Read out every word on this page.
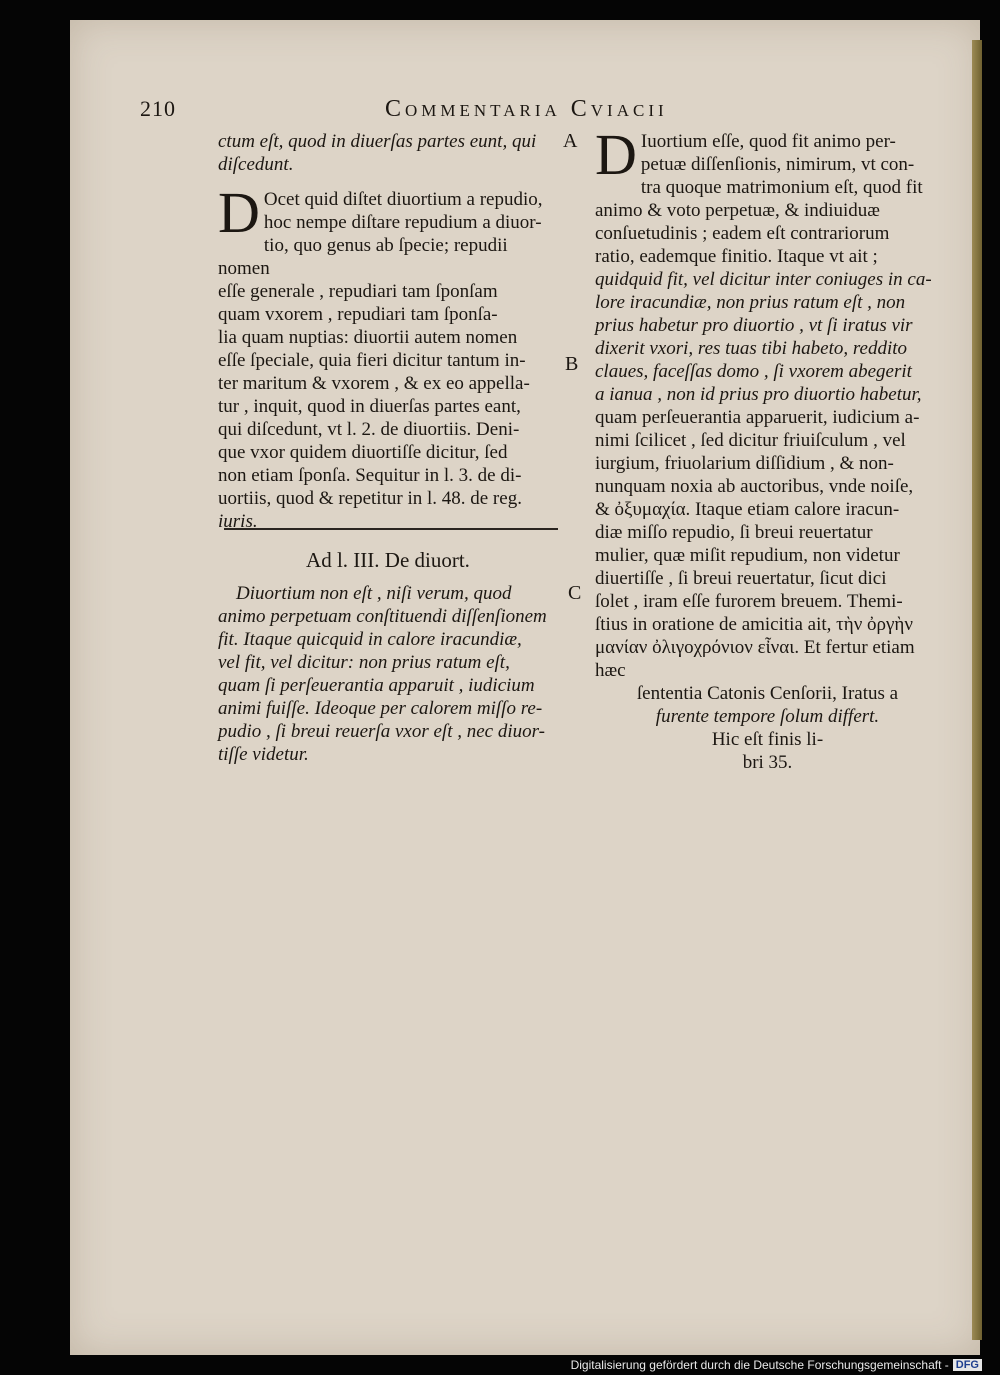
210	Commentaria Cviacii

ctum eſt, quod in diuerſas partes eunt, qui

diſcedunt.

D Ocet quid diſtet diuortium a repudio,

hoc nempe diſtare repudium a diuor-

tio, quo genus ab ſpecie; repudii nomen

eſſe generale , repudiari tam ſponſam

quam vxorem , repudiari tam ſponſa-

lia quam nuptias: diuortii autem nomen

eſſe ſpeciale, quia fieri dicitur tantum in-

ter maritum & vxorem , & ex eo appella-

tur , inquit, quod in diuerſas partes eant,

qui diſcedunt, vt l. 2. de diuortiis. Deni-

que vxor quidem diuortiſſe dicitur, ſed

non etiam ſponſa. Sequitur in l. 3. de di-

uortiis, quod & repetitur in l. 48. de reg.

iuris.

Ad l. III. De diuort.

Diuortium non eſt , niſi verum, quod

animo perpetuam conſtituendi diſſenſionem

fit. Itaque quicquid in calore iracundiæ,

vel fit, vel dicitur: non prius ratum eſt,

quam ſi perſeuerantia apparuit , iudicium

animi fuiſſe. Ideoque per calorem miſſo re-

pudio , ſi breui reuerſa vxor eſt , nec diuor-

tiſſe videtur.

A
B
C
D Iuortium eſſe, quod fit animo per-

petuæ diſſenſionis, nimirum, vt con-

tra quoque matrimonium eſt, quod fit

animo & voto perpetuæ, & indiuiduæ

conſuetudinis ; eadem eſt contrariorum

ratio, eademque finitio. Itaque vt ait ;

quidquid fit, vel dicitur inter coniuges in ca-

lore iracundiæ, non prius ratum eſt , non

prius habetur pro diuortio , vt ſi iratus vir

dixerit vxori, res tuas tibi habeto, reddito

claues, faceſſas domo , ſi vxorem abegerit

a ianua , non id prius pro diuortio habetur,

quam perſeuerantia apparuerit, iudicium a-

nimi ſcilicet , ſed dicitur friuiſculum , vel

iurgium, friuolarium diſſidium , & non-

nunquam noxia ab auctoribus, vnde noiſe,

& ὀξυμαχία. Itaque etiam calore iracun-

diæ miſſo repudio, ſi breui reuertatur

mulier, quæ miſit repudium, non videtur

diuertiſſe , ſi breui reuertatur, ſicut dici

ſolet , iram eſſe furorem breuem. Themi-

ſtius in oratione de amicitia ait, τὴν ὀργὴν

μανίαν ὀλιγοχρόνιον εἶναι. Et fertur etiam hæc

ſententia Catonis Cenſorii, Iratus a

furente tempore ſolum differt.

Hic eſt finis li-

bri 35.

Digitalisierung gefördert durch die Deutsche Forschungsgemeinschaft - DFG
